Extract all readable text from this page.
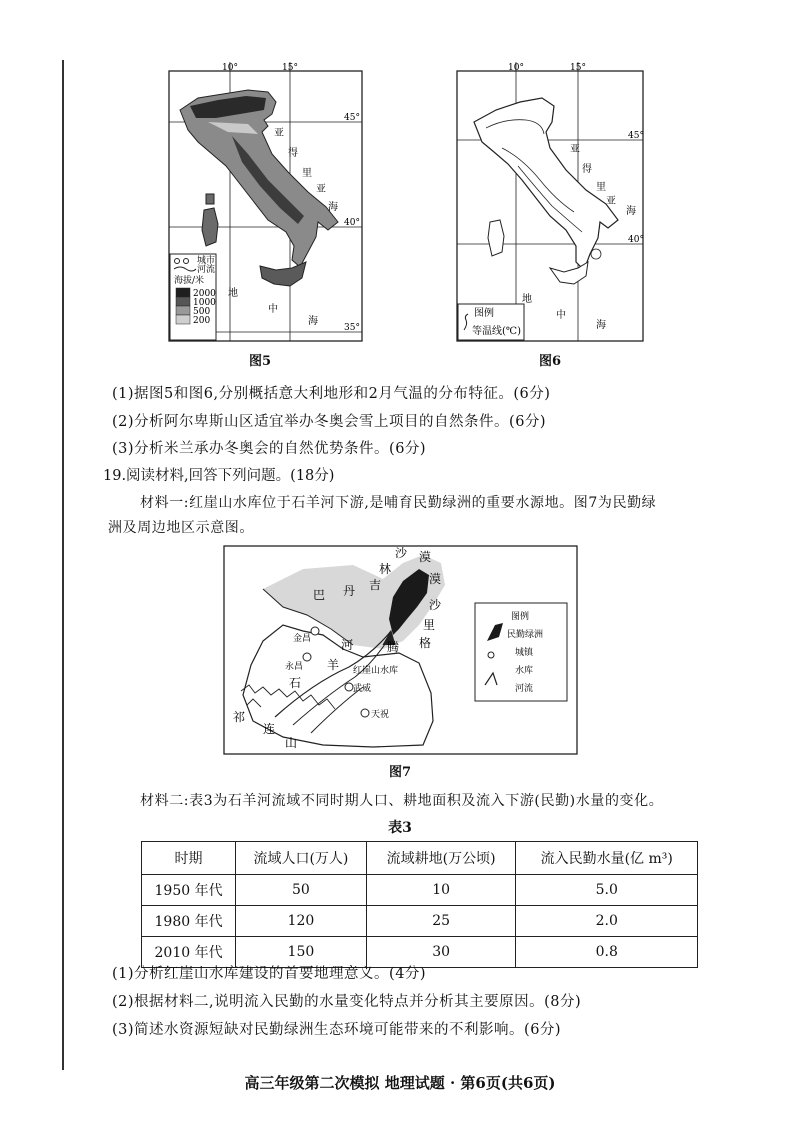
10°	15°
45°
40°
35°
城市
河流
海拔/米
2000
1000
500
200
亚
得
里
亚
海
地
中
海
图5
10°	15°
45°
40°
图例
等温线(℃)
亚
得
里
亚
海
地
中
海
图6
(1)据图5和图6,分别概括意大利地形和2月气温的分布特征。(6分)
(2)分析阿尔卑斯山区适宜举办冬奥会雪上项目的自然条件。(6分)
(3)分析米兰承办冬奥会的自然优势条件。(6分)
19.阅读材料,回答下列问题。(18分)
材料一:红崖山水库位于石羊河下游,是哺育民勤绿洲的重要水源地。图7为民勤绿
洲及周边地区示意图。
巴 丹 吉
林
沙 漠
腾 格
里
沙
漠
祁
连
山
石
羊
河
金昌
永昌
武威
天祝
红崖山水库
图例
民勤绿洲
城镇
水库
河流
图7
材料二:表3为石羊河流域不同时期人口、耕地面积及流入下游(民勤)水量的变化。
表3
时期	流域人口(万人)	流域耕地(万公顷)	流入民勤水量(亿 m³)
1950 年代	50	10	5.0
1980 年代	120	25	2.0
2010 年代	150	30	0.8
(1)分析红崖山水库建设的首要地理意义。(4分)
(2)根据材料二,说明流入民勤的水量变化特点并分析其主要原因。(8分)
(3)简述水资源短缺对民勤绿洲生态环境可能带来的不利影响。(6分)
高三年级第二次模拟 地理试题 · 第6页(共6页)
